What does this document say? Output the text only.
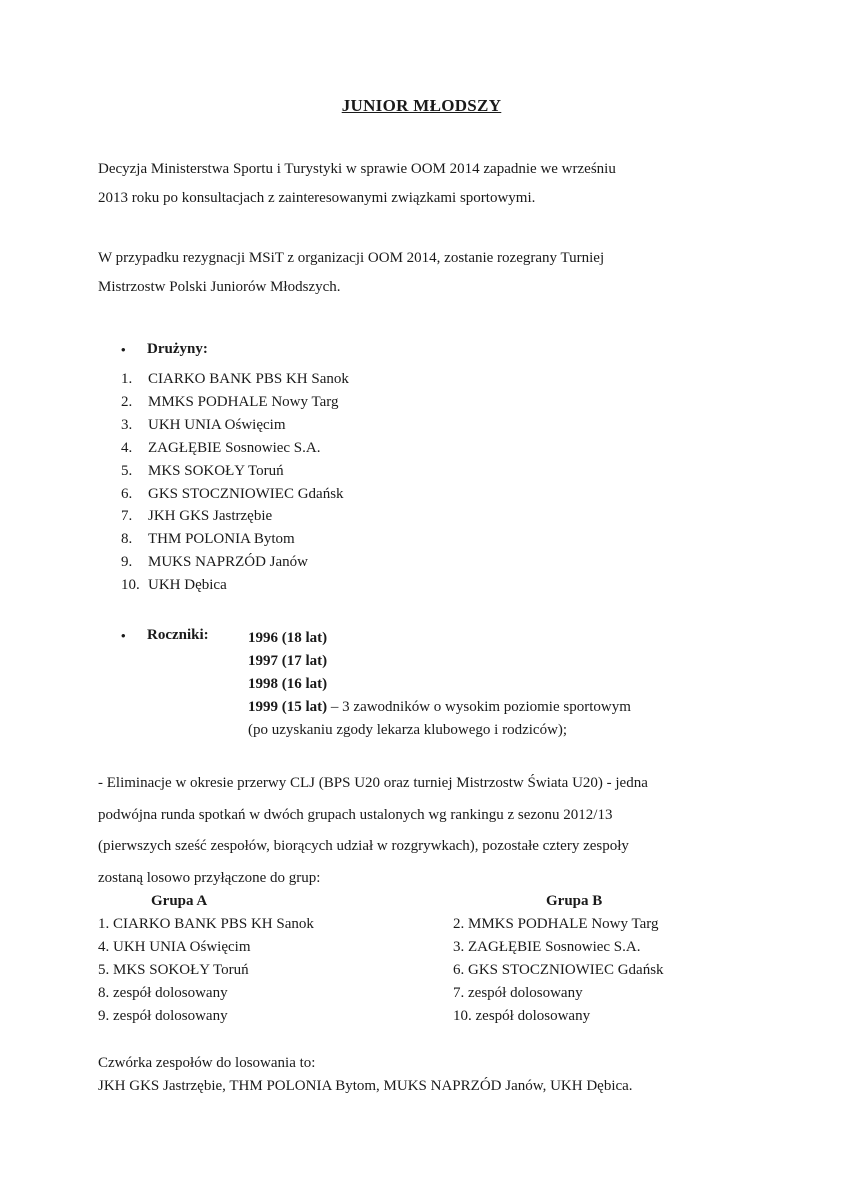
JUNIOR MŁODSZY

Decyzja Ministerstwa Sportu i Turystyki w sprawie OOM 2014 zapadnie we wrześniu

2013 roku po konsultacjach z zainteresowanymi związkami sportowymi.

W przypadku rezygnacji MSiT z organizacji OOM 2014, zostanie rozegrany Turniej

Mistrzostw Polski Juniorów Młodszych.

•	Drużyny:
1. CIARKO BANK PBS KH Sanok
2. MMKS PODHALE Nowy Targ
3. UKH UNIA Oświęcim
4. ZAGŁĘBIE Sosnowiec S.A.
5. MKS SOKOŁY Toruń
6. GKS STOCZNIOWIEC Gdańsk
7. JKH GKS Jastrzębie
8. THM POLONIA Bytom
9. MUKS NAPRZÓD Janów
10. UKH Dębica
•	Roczniki:	1996 (18 lat)
1997 (17 lat)
1998 (16 lat)
1999 (15 lat) – 3 zawodników o wysokim poziomie sportowym
(po uzyskaniu zgody lekarza klubowego i rodziców);

- Eliminacje w okresie przerwy CLJ (BPS U20 oraz turniej Mistrzostw Świata U20) - jedna

podwójna runda spotkań w dwóch grupach ustalonych wg rankingu z sezonu 2012/13

(pierwszych sześć zespołów, biorących udział w rozgrywkach), pozostałe cztery zespoły

zostaną losowo przyłączone do grup:

Grupa A
1. CIARKO BANK PBS KH Sanok
4. UKH UNIA Oświęcim
5. MKS SOKOŁY Toruń
8. zespół dolosowany
9. zespół dolosowany
Grupa B
2. MMKS PODHALE Nowy Targ
3. ZAGŁĘBIE Sosnowiec S.A.
6. GKS STOCZNIOWIEC Gdańsk
7. zespół dolosowany
10. zespół dolosowany
Czwórka zespołów do losowania to:
JKH GKS Jastrzębie, THM POLONIA Bytom, MUKS NAPRZÓD Janów, UKH Dębica.
